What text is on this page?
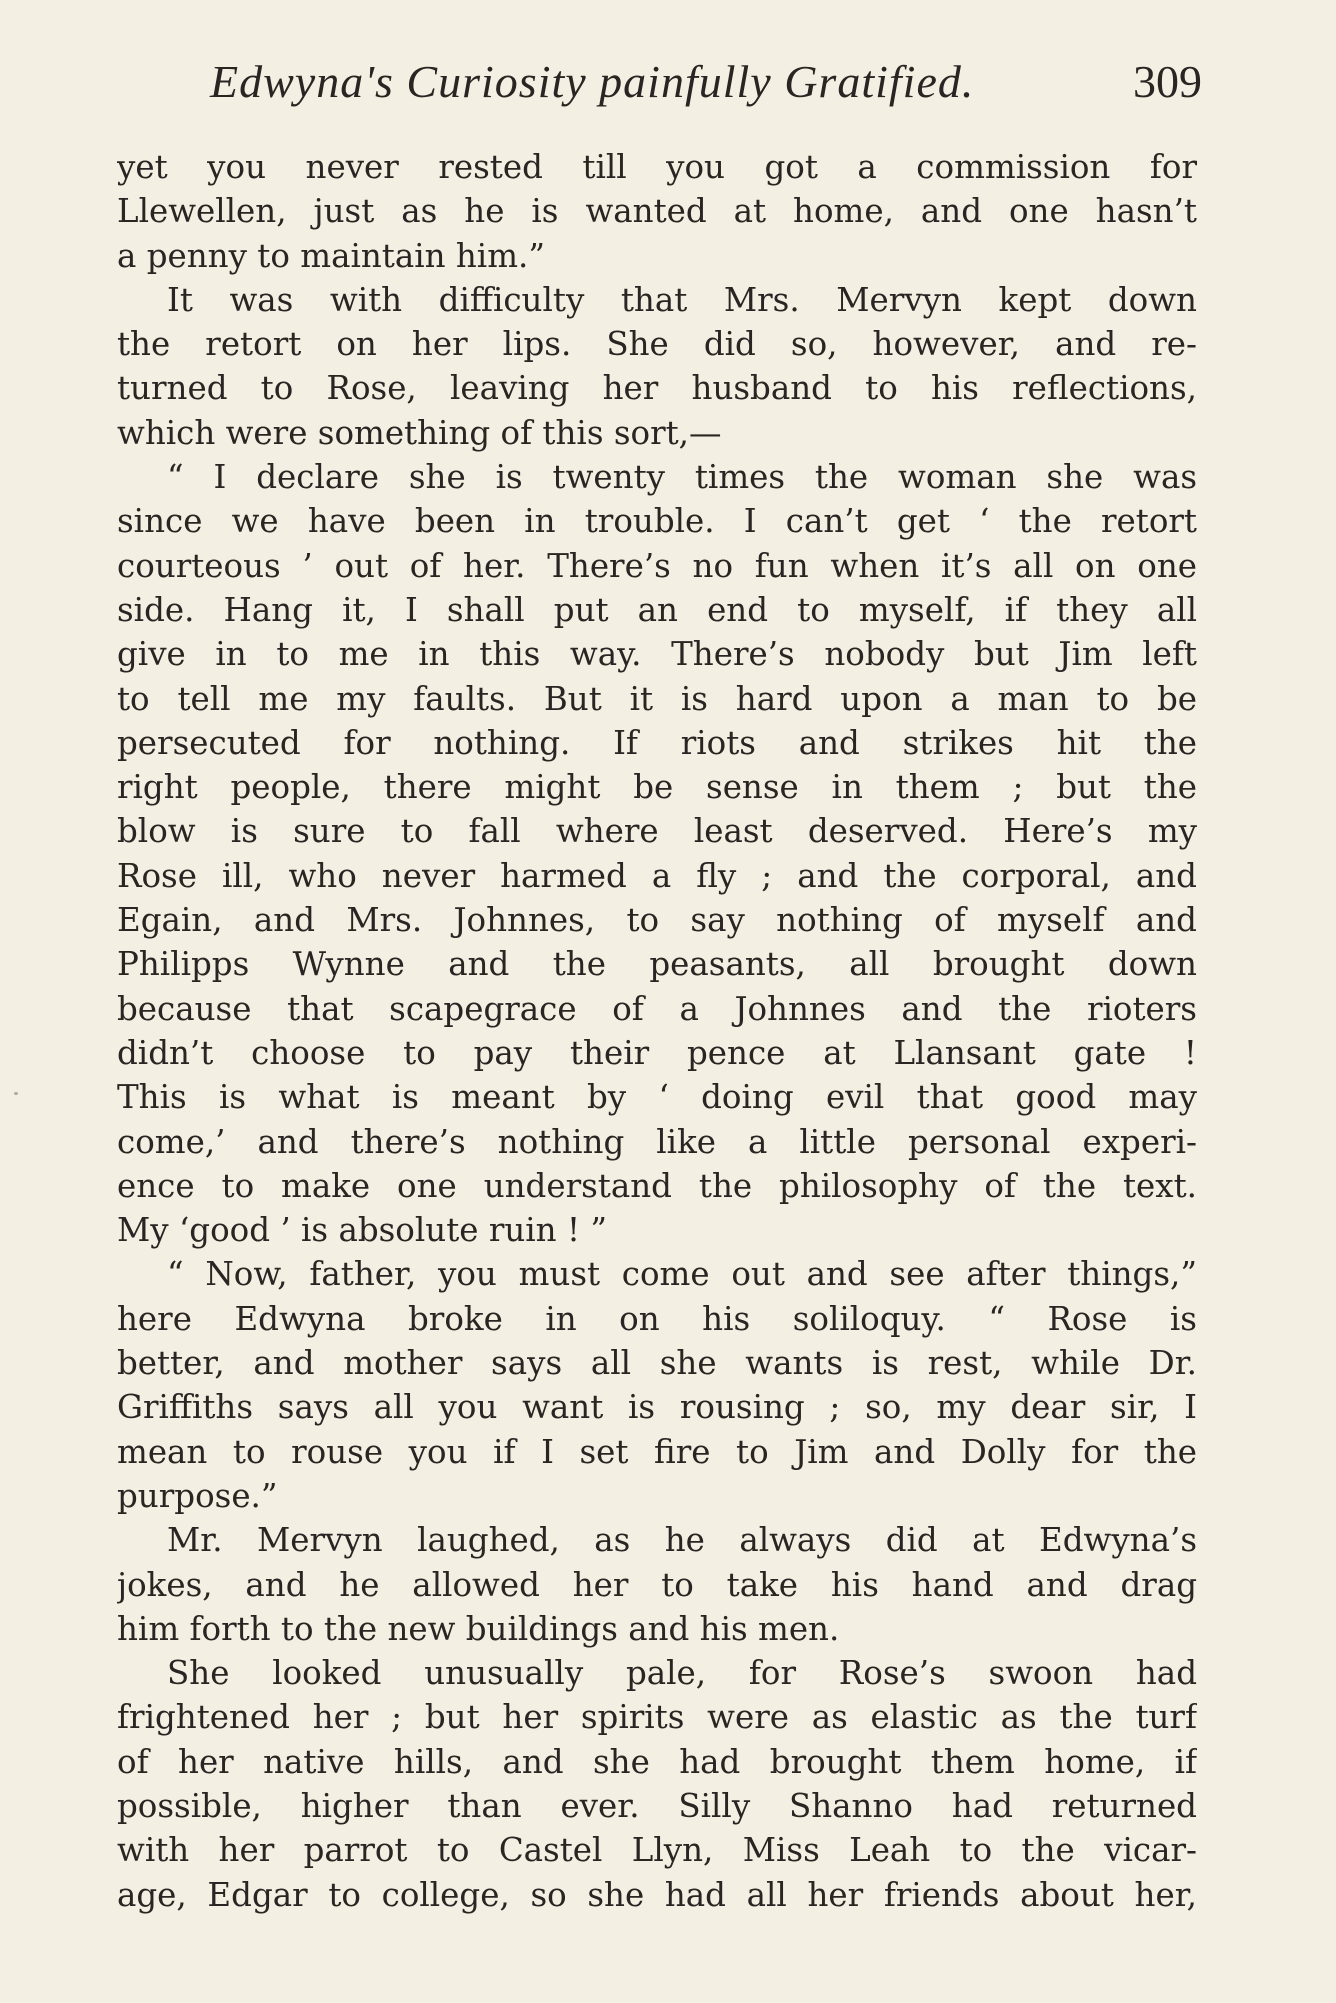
Edwyna's Curiosity painfully Gratified.	309
yet you never rested till you got a commission for
Llewellen, just as he is wanted at home, and one hasn’t
a penny to maintain him.”
It was with difficulty that Mrs. Mervyn kept down
the retort on her lips. She did so, however, and re-
turned to Rose, leaving her husband to his reflections,
which were something of this sort,—
“ I declare she is twenty times the woman she was
since we have been in trouble. I can’t get ‘ the retort
courteous ’ out of her. There’s no fun when it’s all on one
side. Hang it, I shall put an end to myself, if they all
give in to me in this way. There’s nobody but Jim left
to tell me my faults. But it is hard upon a man to be
persecuted for nothing. If riots and strikes hit the
right people, there might be sense in them ; but the
blow is sure to fall where least deserved. Here’s my
Rose ill, who never harmed a fly ; and the corporal, and
Egain, and Mrs. Johnnes, to say nothing of myself and
Philipps Wynne and the peasants, all brought down
because that scapegrace of a Johnnes and the rioters
didn’t choose to pay their pence at Llansant gate !
This is what is meant by ‘ doing evil that good may
come,’ and there’s nothing like a little personal experi-
ence to make one understand the philosophy of the text.
My ‘good ’ is absolute ruin ! ”
“ Now, father, you must come out and see after things,”
here Edwyna broke in on his soliloquy. “ Rose is
better, and mother says all she wants is rest, while Dr.
Griffiths says all you want is rousing ; so, my dear sir, I
mean to rouse you if I set fire to Jim and Dolly for the
purpose.”
Mr. Mervyn laughed, as he always did at Edwyna’s
jokes, and he allowed her to take his hand and drag
him forth to the new buildings and his men.
She looked unusually pale, for Rose’s swoon had
frightened her ; but her spirits were as elastic as the turf
of her native hills, and she had brought them home, if
possible, higher than ever. Silly Shanno had returned
with her parrot to Castel Llyn, Miss Leah to the vicar-
age, Edgar to college, so she had all her friends about her,
